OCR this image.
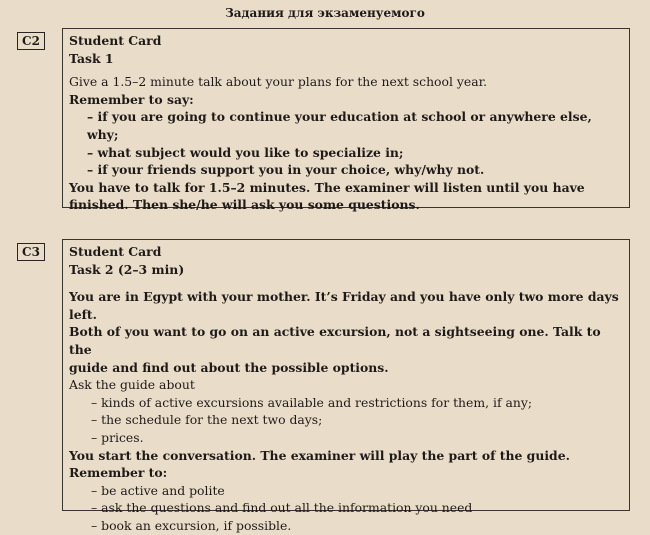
Задания для экзаменуемого
C2	Student Card

Task 1

Give a 1.5–2 minute talk about your plans for the next school year.

Remember to say:

– if you are going to continue your education at school or anywhere else, why;

– what subject would you like to specialize in;

– if your friends support you in your choice, why/why not.

You have to talk for 1.5–2 minutes. The examiner will listen until you have

finished. Then she/he will ask you some questions.

C3	Student Card

Task 2 (2–3 min)

You are in Egypt with your mother. It’s Friday and you have only two more days left.

Both of you want to go on an active excursion, not a sightseeing one. Talk to the

guide and find out about the possible options.

Ask the guide about

– kinds of active excursions available and restrictions for them, if any;

– the schedule for the next two days;

– prices.

You start the conversation. The examiner will play the part of the guide.

Remember to:

– be active and polite

– ask the questions and find out all the information you need

– book an excursion, if possible.
